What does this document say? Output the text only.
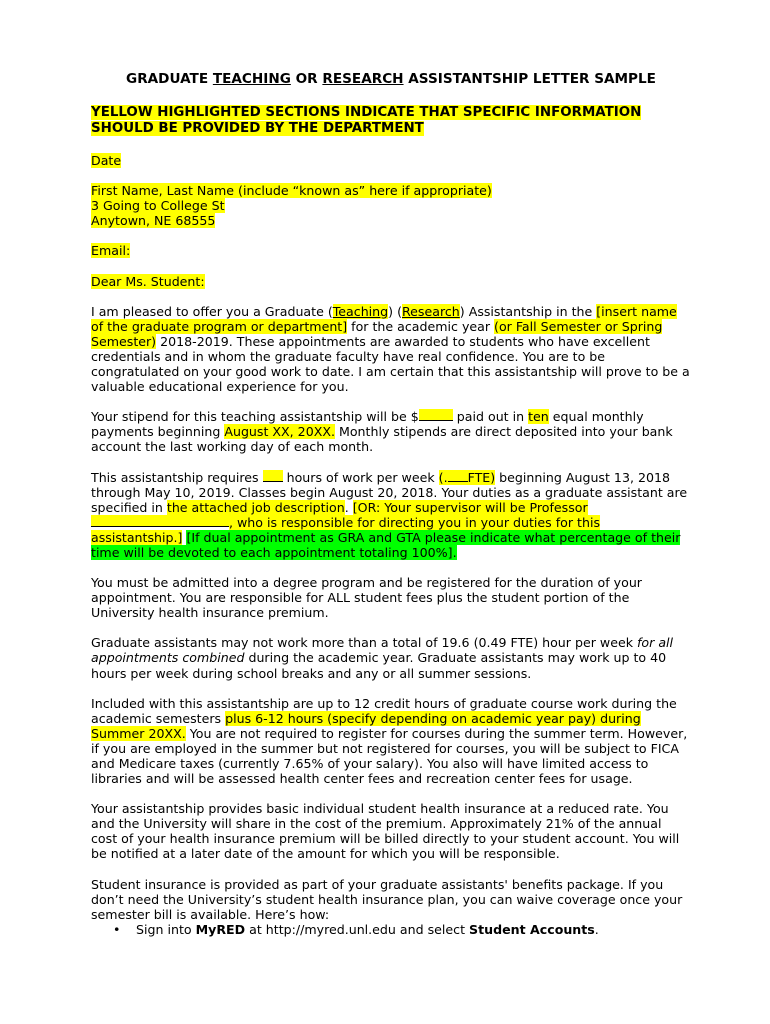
GRADUATE TEACHING OR RESEARCH ASSISTANTSHIP LETTER SAMPLE
YELLOW HIGHLIGHTED SECTIONS INDICATE THAT SPECIFIC INFORMATION SHOULD BE PROVIDED BY THE DEPARTMENT

Date

First Name, Last Name (include “known as” here if appropriate)
3 Going to College St
Anytown, NE 68555

Email:

Dear Ms. Student:

I am pleased to offer you a Graduate (Teaching) (Research) Assistantship in the [insert name of the graduate program or department] for the academic year (or Fall Semester or Spring Semester) 2018-2019. These appointments are awarded to students who have excellent credentials and in whom the graduate faculty have real confidence. You are to be congratulated on your good work to date. I am certain that this assistantship will prove to be a valuable educational experience for you.

Your stipend for this teaching assistantship will be $	paid out in ten equal monthly payments beginning August XX, 20XX. Monthly stipends are direct deposited into your bank account the last working day of each month.

This assistantship requires  hours of work per week (. FTE) beginning August 13, 2018 through May 10, 2019. Classes begin August 20, 2018. Your duties as a graduate assistant are specified in the attached job description. [OR: Your supervisor will be Professor , who is responsible for directing you in your duties for this assistantship.] [If dual appointment as GRA and GTA please indicate what percentage of their time will be devoted to each appointment totaling 100%].

You must be admitted into a degree program and be registered for the duration of your appointment. You are responsible for ALL student fees plus the student portion of the University health insurance premium.

Graduate assistants may not work more than a total of 19.6 (0.49 FTE) hour per week for all appointments combined during the academic year. Graduate assistants may work up to 40 hours per week during school breaks and any or all summer sessions.

Included with this assistantship are up to 12 credit hours of graduate course work during the academic semesters plus 6-12 hours (specify depending on academic year pay) during Summer 20XX. You are not required to register for courses during the summer term. However, if you are employed in the summer but not registered for courses, you will be subject to FICA and Medicare taxes (currently 7.65% of your salary). You also will have limited access to libraries and will be assessed health center fees and recreation center fees for usage.

Your assistantship provides basic individual student health insurance at a reduced rate. You and the University will share in the cost of the premium. Approximately 21% of the annual cost of your health insurance premium will be billed directly to your student account. You will be notified at a later date of the amount for which you will be responsible.

Student insurance is provided as part of your graduate assistants' benefits package. If you don’t need the University’s student health insurance plan, you can waive coverage once your semester bill is available. Here’s how:

• Sign into MyRED at http://myred.unl.edu and select Student Accounts.
